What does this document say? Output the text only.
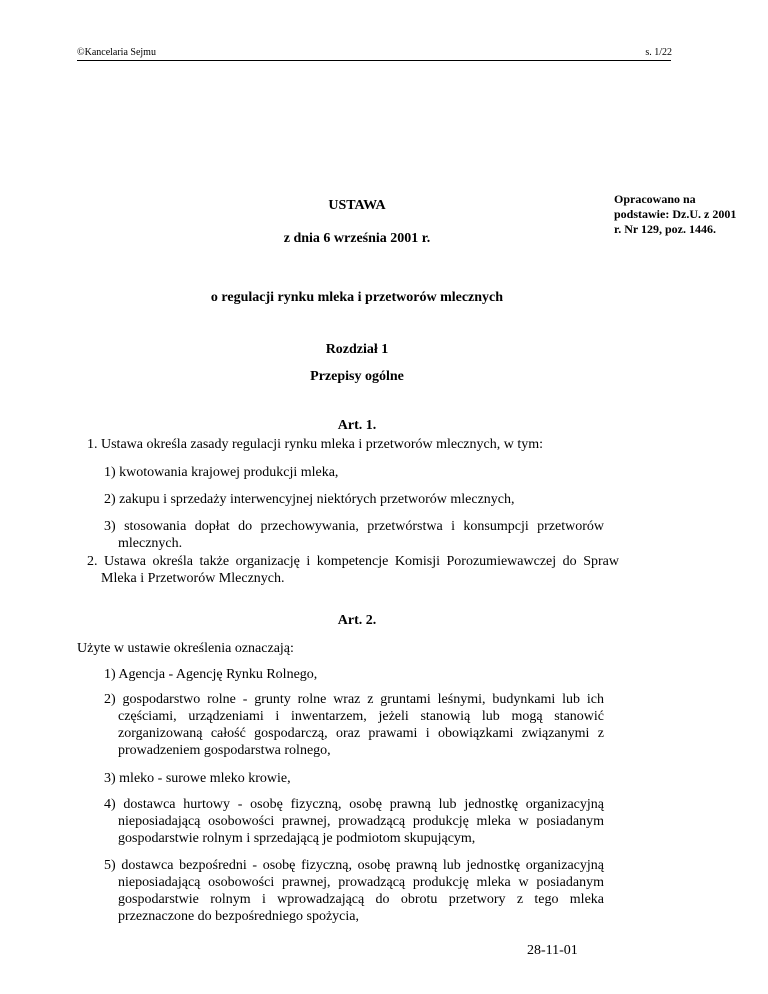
©Kancelaria Sejmu	s. 1/22
Opracowano na podstawie: Dz.U. z 2001 r. Nr 129, poz. 1446.
USTAWA
z dnia 6 września 2001 r.
o regulacji rynku mleka i przetworów mlecznych
Rozdział 1
Przepisy ogólne
Art. 1.
1. Ustawa określa zasady regulacji rynku mleka i przetworów mlecznych, w tym:
1) kwotowania krajowej produkcji mleka,
2) zakupu i sprzedaży interwencyjnej niektórych przetworów mlecznych,
3) stosowania dopłat do przechowywania, przetwórstwa i konsumpcji przetworów mlecznych.
2. Ustawa określa także organizację i kompetencje Komisji Porozumiewawczej do Spraw Mleka i Przetworów Mlecznych.
Art. 2.
Użyte w ustawie określenia oznaczają:
1) Agencja - Agencję Rynku Rolnego,
2) gospodarstwo rolne - grunty rolne wraz z gruntami leśnymi, budynkami lub ich częściami, urządzeniami i inwentarzem, jeżeli stanowią lub mogą stanowić zorganizowaną całość gospodarczą, oraz prawami i obowiązkami związanymi z prowadzeniem gospodarstwa rolnego,
3) mleko - surowe mleko krowie,
4) dostawca hurtowy - osobę fizyczną, osobę prawną lub jednostkę organizacyjną nieposiadającą osobowości prawnej, prowadzącą produkcję mleka w posiadanym gospodarstwie rolnym i sprzedającą je podmiotom skupującym,
5) dostawca bezpośredni - osobę fizyczną, osobę prawną lub jednostkę organizacyjną nieposiadającą osobowości prawnej, prowadzącą produkcję mleka w posiadanym gospodarstwie rolnym i wprowadzającą do obrotu przetwory z tego mleka przeznaczone do bezpośredniego spożycia,
28-11-01
